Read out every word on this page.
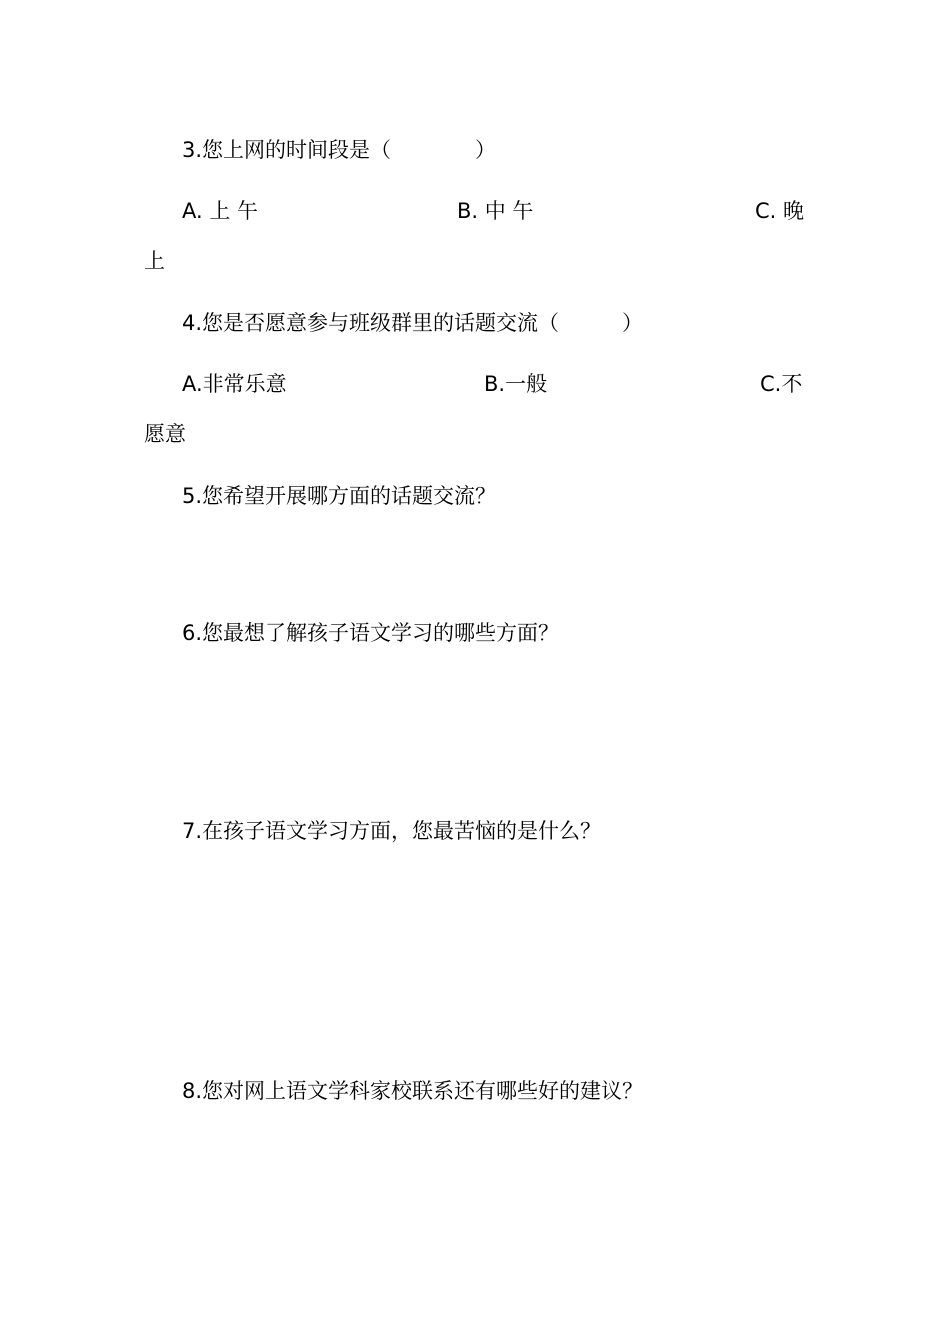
3.您上网的时间段是（　　　　）
A. 上 午	B. 中 午	C. 晚
上
4.您是否愿意参与班级群里的话题交流（　　　）
A.非常乐意	B.一般	C.不
愿意
5.您希望开展哪方面的话题交流？
6.您最想了解孩子语文学习的哪些方面？
7.在孩子语文学习方面，您最苦恼的是什么？
8.您对网上语文学科家校联系还有哪些好的建议？
